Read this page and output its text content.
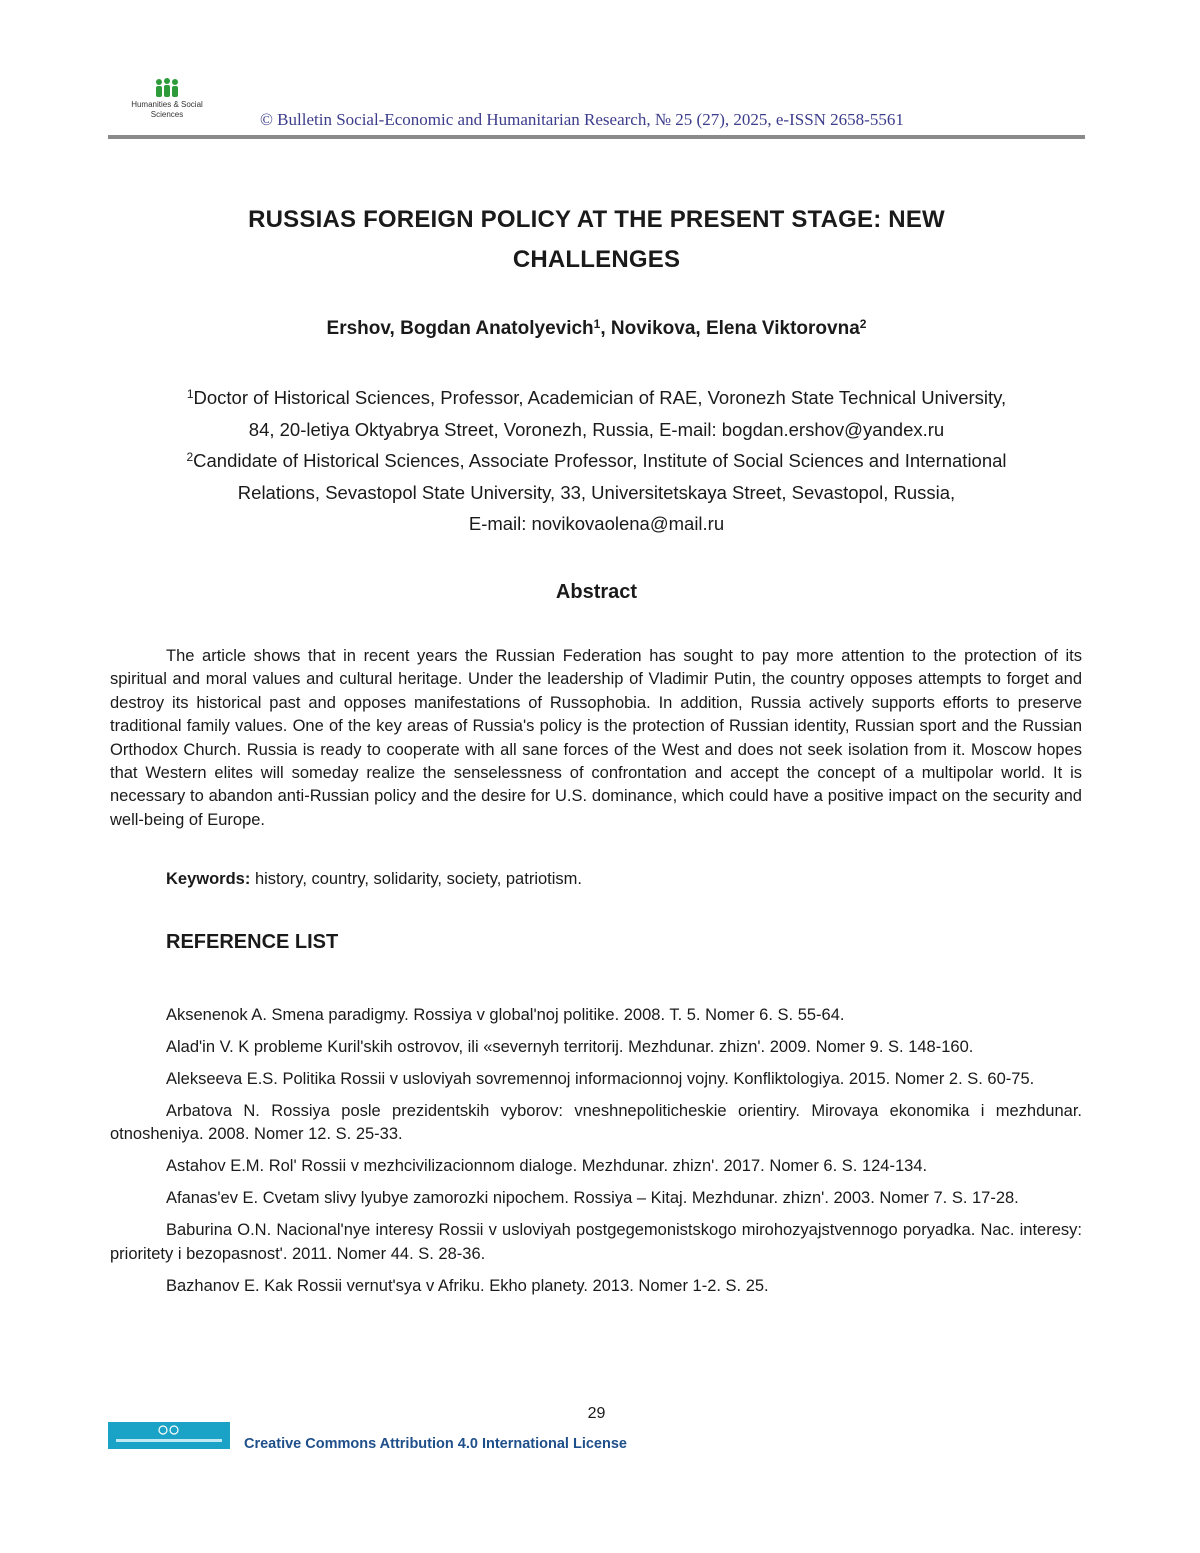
Humanities & Social
Sciences	© Bulletin Social-Economic and Humanitarian Research, № 25 (27), 2025, e-ISSN 2658-5561
RUSSIAS FOREIGN POLICY AT THE PRESENT STAGE: NEW
CHALLENGES
Ershov, Bogdan Anatolyevich$^1$, Novikova, Elena Viktorovna$^2$

$^1$Doctor of Historical Sciences, Professor, Academician of RAE, Voronezh State Technical University,

84, 20-letiya Oktyabrya Street, Voronezh, Russia, E-mail: bogdan.ershov@yandex.ru

$^2$Candidate of Historical Sciences, Associate Professor, Institute of Social Sciences and International

Relations, Sevastopol State University, 33, Universitetskaya Street, Sevastopol, Russia,

E-mail: novikovaolena@mail.ru

Abstract

The article shows that in recent years the Russian Federation has sought to pay more attention to the protection of its spiritual and moral values and cultural heritage. Under the leadership of Vladimir Putin, the country opposes attempts to forget and destroy its historical past and opposes manifestations of Russophobia. In addition, Russia actively supports efforts to preserve traditional family values. One of the key areas of Russia's policy is the protection of Russian identity, Russian sport and the Russian Orthodox Church. Russia is ready to cooperate with all sane forces of the West and does not seek isolation from it. Moscow hopes that Western elites will someday realize the senselessness of confrontation and accept the concept of a multipolar world. It is necessary to abandon anti-Russian policy and the desire for U.S. dominance, which could have a positive impact on the security and well-being of Europe.

Keywords: history, country, solidarity, society, patriotism.
REFERENCE LIST

Aksenenok A. Smena paradigmy. Rossiya v global'noj politike. 2008. T. 5. Nomer 6. S. 55-64.

Alad'in V. K probleme Kuril'skih ostrovov, ili «severnyh territorij. Mezhdunar. zhizn'. 2009. Nomer 9. S. 148-160.

Alekseeva E.S. Politika Rossii v usloviyah sovremennoj informacionnoj vojny. Konfliktologiya. 2015. Nomer 2. S. 60-75.

Arbatova N. Rossiya posle prezidentskih vyborov: vneshnepoliticheskie orientiry. Mirovaya ekonomika i mezhdunar. otnosheniya. 2008. Nomer 12. S. 25-33.

Astahov E.M. Rol' Rossii v mezhcivilizacionnom dialoge. Mezhdunar. zhizn'. 2017. Nomer 6. S. 124-134.

Afanas'ev E. Cvetam slivy lyubye zamorozki nipochem. Rossiya – Kitaj. Mezhdunar. zhizn'. 2003. Nomer 7. S. 17-28.

Baburina O.N. Nacional'nye interesy Rossii v usloviyah postgegemonistskogo mirohozyajstvennogo poryadka. Nac. interesy: prioritety i bezopasnost'. 2011. Nomer 44. S. 28-36.

Bazhanov E. Kak Rossii vernut'sya v Afriku. Ekho planety. 2013. Nomer 1-2. S. 25.

29
Creative Commons Attribution 4.0 International License
